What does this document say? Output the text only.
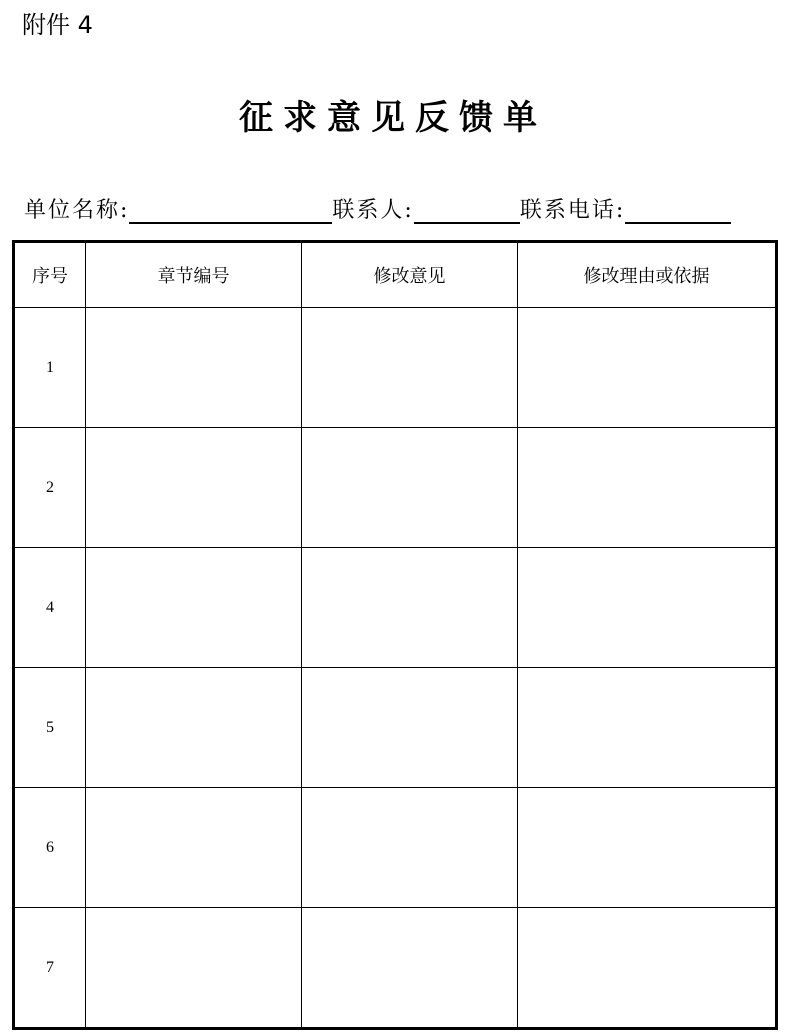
附件 4
征求意见反馈单
单位名称:	联系人:	联系电话:
序号	章节编号	修改意见	修改理由或依据
1			
2			
4			
5			
6			
7			
